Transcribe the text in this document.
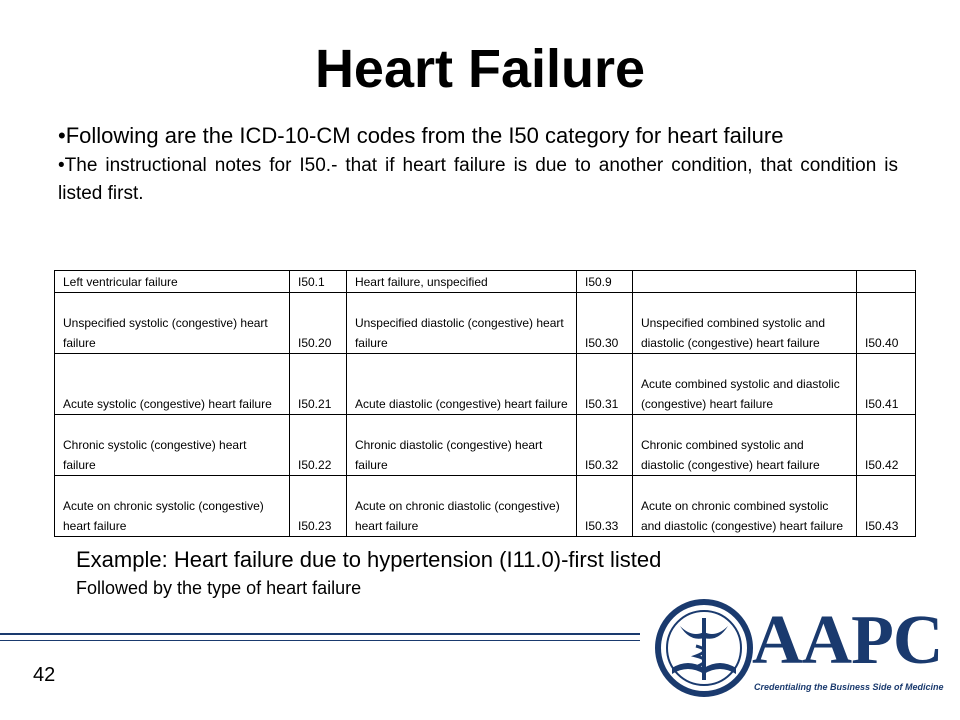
Heart Failure
• Following are the ICD-10-CM codes from the I50 category for heart failure
• The instructional notes for I50.- that if heart failure is due to another condition, that condition is listed first.
Left ventricular failure	I50.1	Heart failure, unspecified	I50.9		
Unspecified systolic (congestive) heart failure	I50.20	Unspecified diastolic (congestive) heart failure	I50.30	Unspecified combined systolic and diastolic (congestive) heart failure	I50.40
Acute systolic (congestive) heart failure	I50.21	Acute diastolic (congestive) heart failure	I50.31	Acute combined systolic and diastolic (congestive) heart failure	I50.41
Chronic systolic (congestive) heart failure	I50.22	Chronic diastolic (congestive) heart failure	I50.32	Chronic combined systolic and diastolic (congestive) heart failure	I50.42
Acute on chronic systolic (congestive) heart failure	I50.23	Acute on chronic diastolic (congestive) heart failure	I50.33	Acute on chronic combined systolic and diastolic (congestive) heart failure	I50.43
Example: Heart failure due to hypertension (I11.0)-first listed
Followed by the type of heart failure
42	AAPC
Credentialing the Business Side of Medicine
